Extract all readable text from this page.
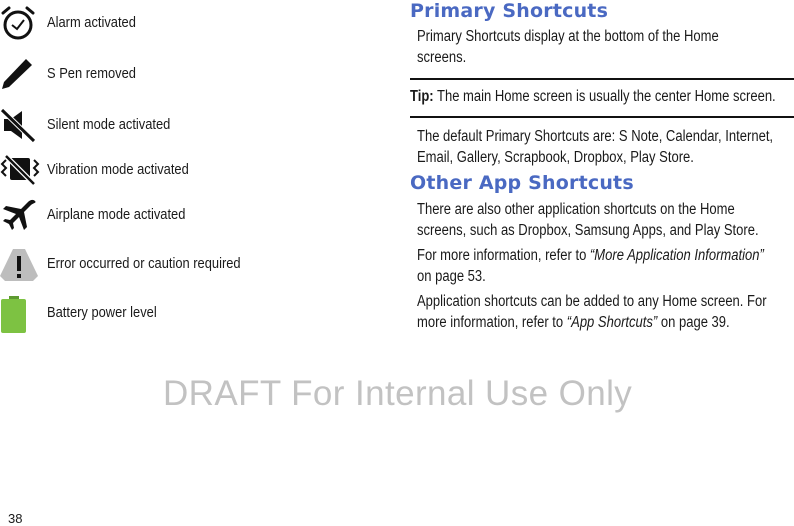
Alarm activated
S Pen removed
Silent mode activated
Vibration mode activated
Airplane mode activated
Error occurred or caution required
Battery power level
Primary Shortcuts

Primary Shortcuts display at the bottom of the Home screens.

Tip: The main Home screen is usually the center Home screen.

The default Primary Shortcuts are: S Note, Calendar, Internet, Email, Gallery, Scrapbook, Dropbox, Play Store.

Other App Shortcuts

There are also other application shortcuts on the Home screens, such as Dropbox, Samsung Apps, and Play Store.

For more information, refer to “More Application Information” on page 53.

Application shortcuts can be added to any Home screen. For more information, refer to “App Shortcuts” on page 39.

DRAFT For Internal Use Only
38
